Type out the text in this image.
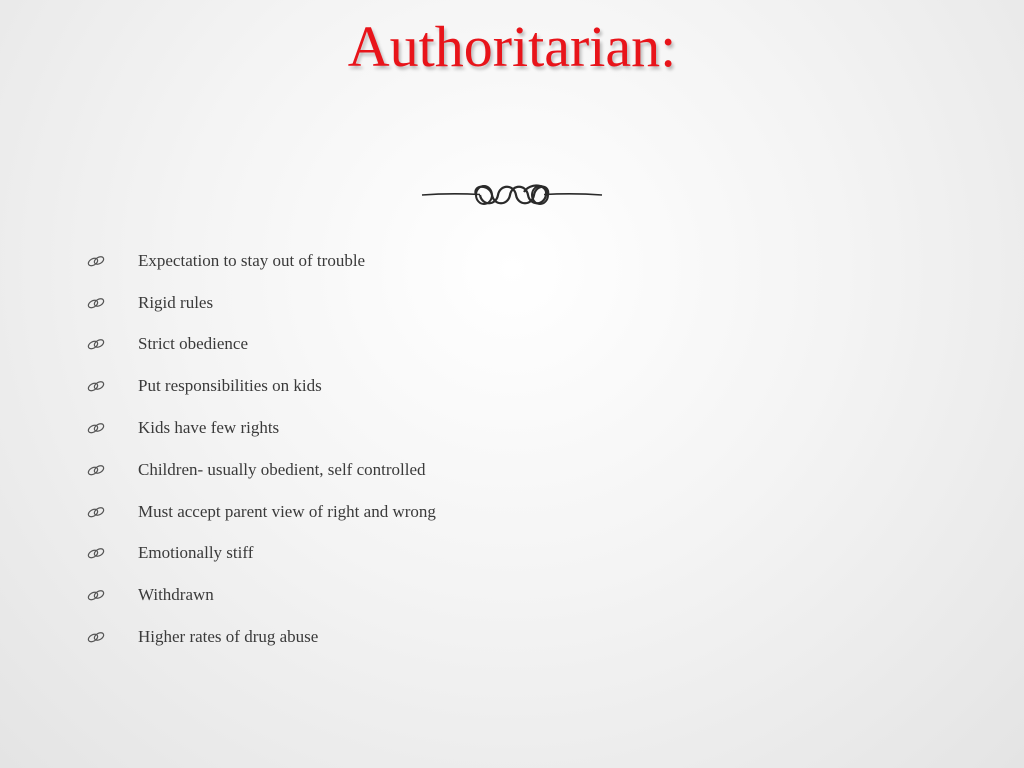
Authoritarian:
Expectation to stay out of trouble
Rigid rules
Strict obedience
Put responsibilities on kids
Kids have few rights
Children- usually obedient, self controlled
Must accept parent view of right and wrong
Emotionally stiff
Withdrawn
Higher rates of drug abuse
